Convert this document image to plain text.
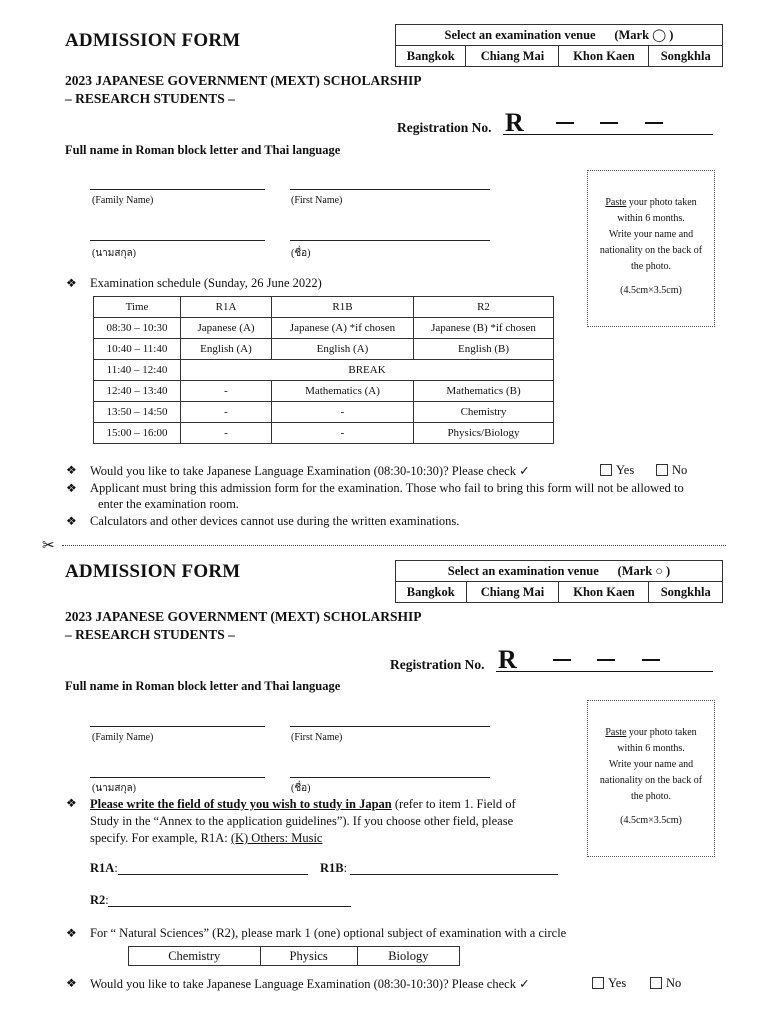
ADMISSION FORM	Select an examination venue (Mark ◯ )
Bangkok	Chiang Mai	Khon Kaen	Songkhla
2023 JAPANESE GOVERNMENT (MEXT) SCHOLARSHIP
– RESEARCH STUDENTS –
Registration No. R
Full name in Roman block letter and Thai language
(Family Name)	(First Name)
(นามสกุล)	(ชื่อ)
Paste your photo taken
within 6 months.
Write your name and
nationality on the back of
the photo.
(4.5cm×3.5cm)
❖ Examination schedule (Sunday, 26 June 2022)
Time	R1A	R1B	R2
08:30 – 10:30	Japanese (A)	Japanese (A) *if chosen	Japanese (B) *if chosen
10:40 – 11:40	English (A)	English (A)	English (B)
11:40 – 12:40	BREAK		
12:40 – 13:40	-	Mathematics (A)	Mathematics (B)
13:50 – 14:50	-	-	Chemistry
15:00 – 16:00	-	-	Physics/Biology
❖ Would you like to take Japanese Language Examination (08:30-10:30)? Please check ✓	Yes	No
❖ Applicant must bring this admission form for the examination. Those who fail to bring this form will not be allowed to
enter the examination room.
❖ Calculators and other devices cannot use during the written examinations.
✂
ADMISSION FORM	Select an examination venue (Mark ○ )
Bangkok	Chiang Mai	Khon Kaen	Songkhla
2023 JAPANESE GOVERNMENT (MEXT) SCHOLARSHIP
– RESEARCH STUDENTS –
Registration No. R
Full name in Roman block letter and Thai language
(Family Name)	(First Name)
(นามสกุล)	(ชื่อ)
Paste your photo taken
within 6 months.
Write your name and
nationality on the back of
the photo.
(4.5cm×3.5cm)
❖ Please write the field of study you wish to study in Japan (refer to item 1. Field of
Study in the “Annex to the application guidelines”). If you choose other field, please
specify. For example, R1A: (K) Others: Music
R1A:	R1B:
R2:
❖ For “ Natural Sciences” (R2), please mark 1 (one) optional subject of examination with a circle
Chemistry	Physics	Biology
❖ Would you like to take Japanese Language Examination (08:30-10:30)? Please check ✓	Yes	No
